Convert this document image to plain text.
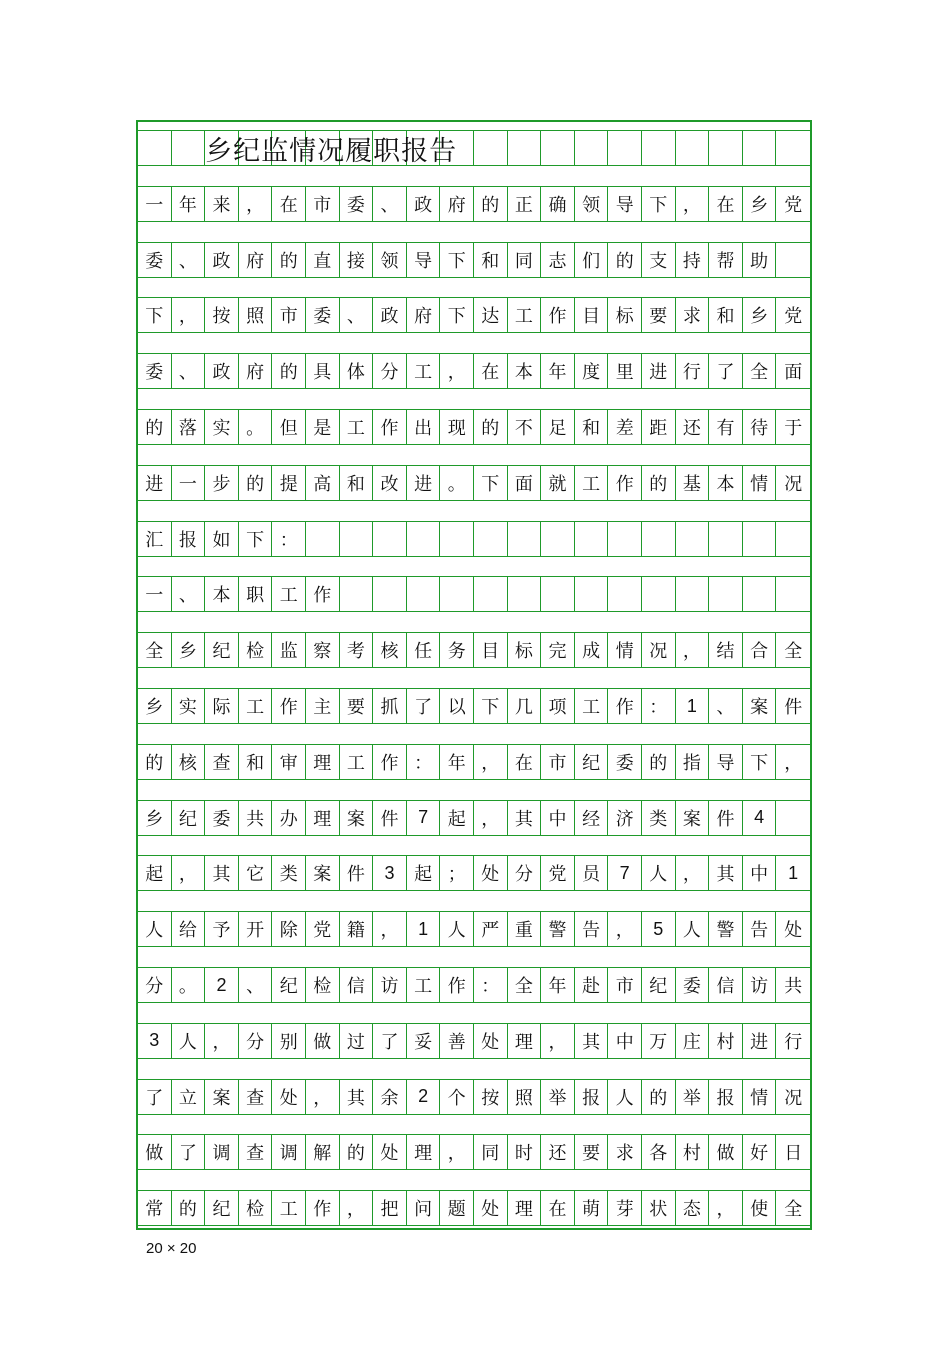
乡纪监情况履职报告
一 年 来 ， 在 市 委 、 政 府 的 正 确 领 导 下 ， 在 乡 党
委 、 政 府 的 直 接 领 导 下 和 同 志 们 的 支 持 帮 助
下 ， 按 照 市 委 、 政 府 下 达 工 作 目 标 要 求 和 乡 党
委 、 政 府 的 具 体 分 工 ， 在 本 年 度 里 进 行 了 全 面
的 落 实 。 但 是 工 作 出 现 的 不 足 和 差 距 还 有 待 于
进 一 步 的 提 高 和 改 进 。 下 面 就 工 作 的 基 本 情 况
汇 报 如 下 ：
一 、 本 职 工 作
全 乡 纪 检 监 察 考 核 任 务 目 标 完 成 情 况 ， 结 合 全
乡 实 际 工 作 主 要 抓 了 以 下 几 项 工 作 ：	1	、 案 件
的 核 查 和 审 理 工 作 ： 年 ， 在 市 纪 委 的 指 导 下 ，
乡 纪 委 共 办 理 案 件	7	起 ， 其 中 经 济 类 案 件	4
起 ， 其 它 类 案 件	3	起 ； 处 分 党 员	7	人 ， 其 中	1
人 给 予 开 除 党 籍 ，	1	人 严 重 警 告 ，	5	人 警 告 处
分 。	2	、 纪 检 信 访 工 作 ： 全 年 赴 市 纪 委 信 访 共
3	人 ， 分 别 做 过 了 妥 善 处 理 ， 其 中 万 庄 村 进 行
了 立 案 查 处 ， 其 余	2	个 按 照 举 报 人 的 举 报 情 况
做 了 调 查 调 解 的 处 理 ， 同 时 还 要 求 各 村 做 好 日
常 的 纪 检 工 作 ， 把 问 题 处 理 在 萌 芽 状 态 ， 使 全
20 × 20
